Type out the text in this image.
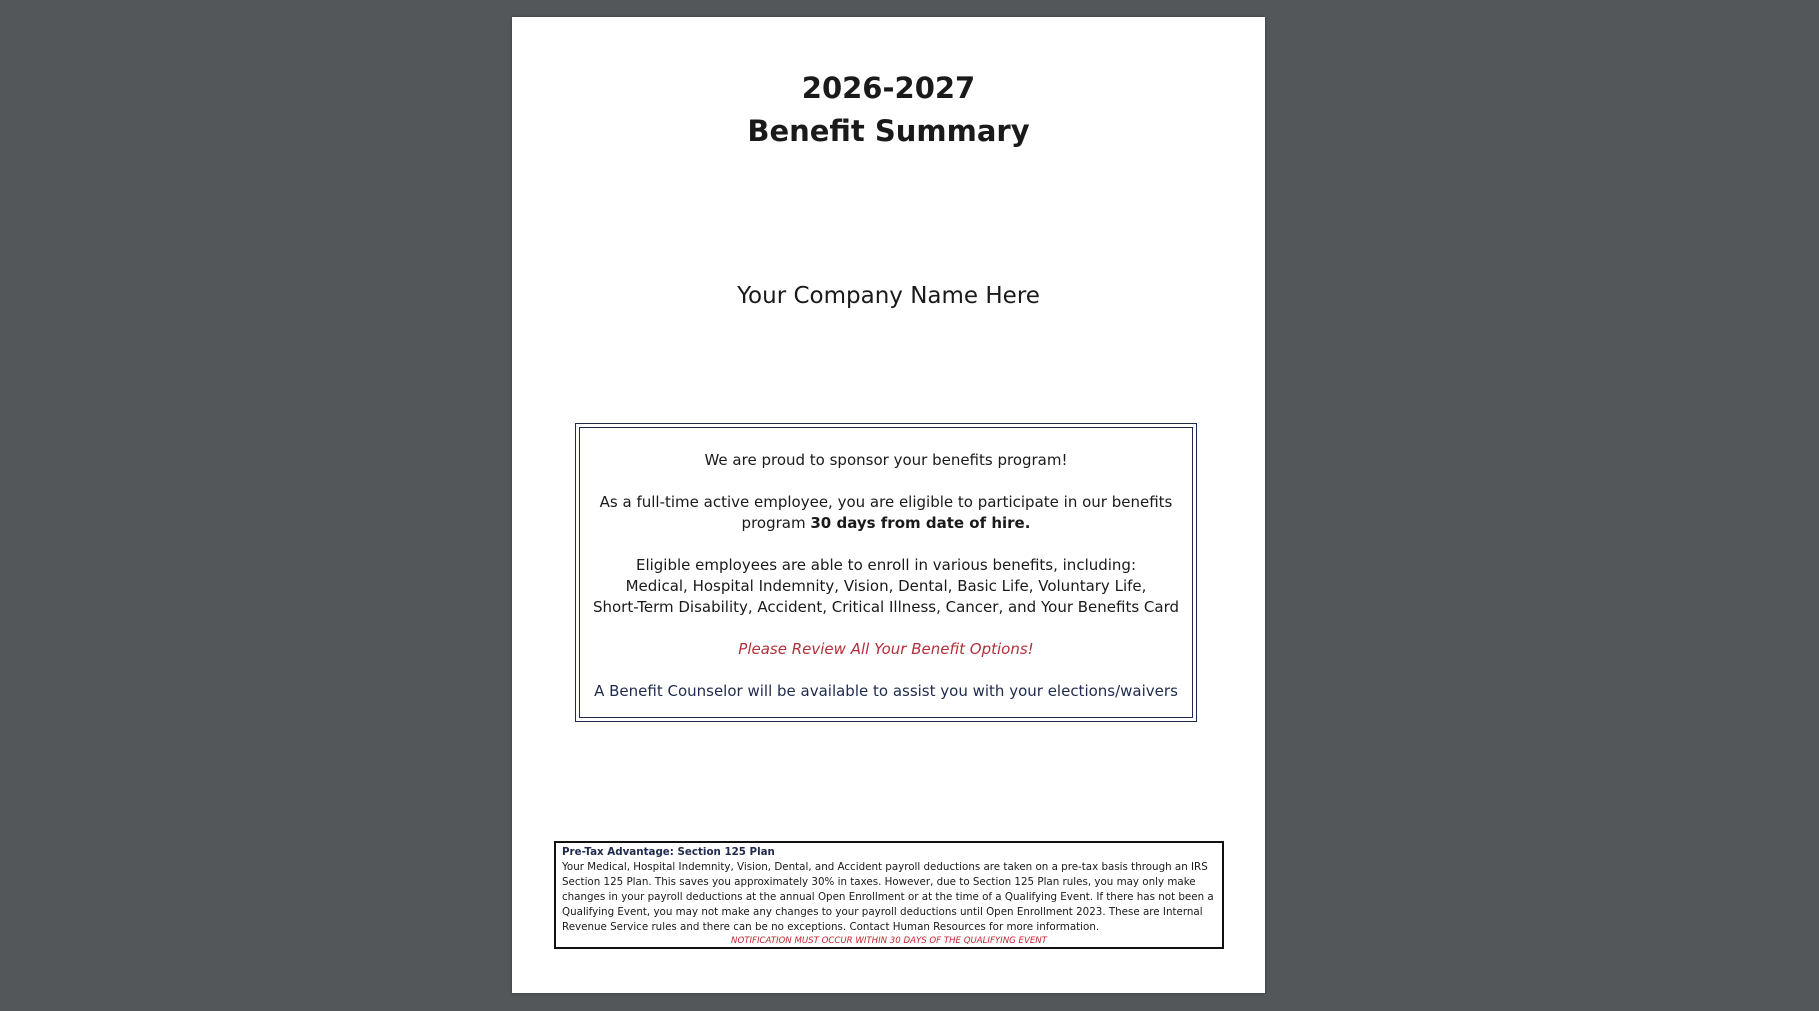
2026-2027
Benefit Summary
Your Company Name Here

We are proud to sponsor your benefits program!

As a full-time active employee, you are eligible to participate in our benefits program 30 days from date of hire.

Eligible employees are able to enroll in various benefits, including:
Medical, Hospital Indemnity, Vision, Dental, Basic Life, Voluntary Life,
Short-Term Disability, Accident, Critical Illness, Cancer, and Your Benefits Card

Please Review All Your Benefit Options!

A Benefit Counselor will be available to assist you with your elections/waivers

Pre-Tax Advantage: Section 125 Plan
Your Medical, Hospital Indemnity, Vision, Dental, and Accident payroll deductions are taken on a pre-tax basis through an IRS Section 125 Plan. This saves you approximately 30% in taxes. However, due to Section 125 Plan rules, you may only make changes in your payroll deductions at the annual Open Enrollment or at the time of a Qualifying Event. If there has not been a Qualifying Event, you may not make any changes to your payroll deductions until Open Enrollment 2023. These are Internal Revenue Service rules and there can be no exceptions. Contact Human Resources for more information.
NOTIFICATION MUST OCCUR WITHIN 30 DAYS OF THE QUALIFYING EVENT
